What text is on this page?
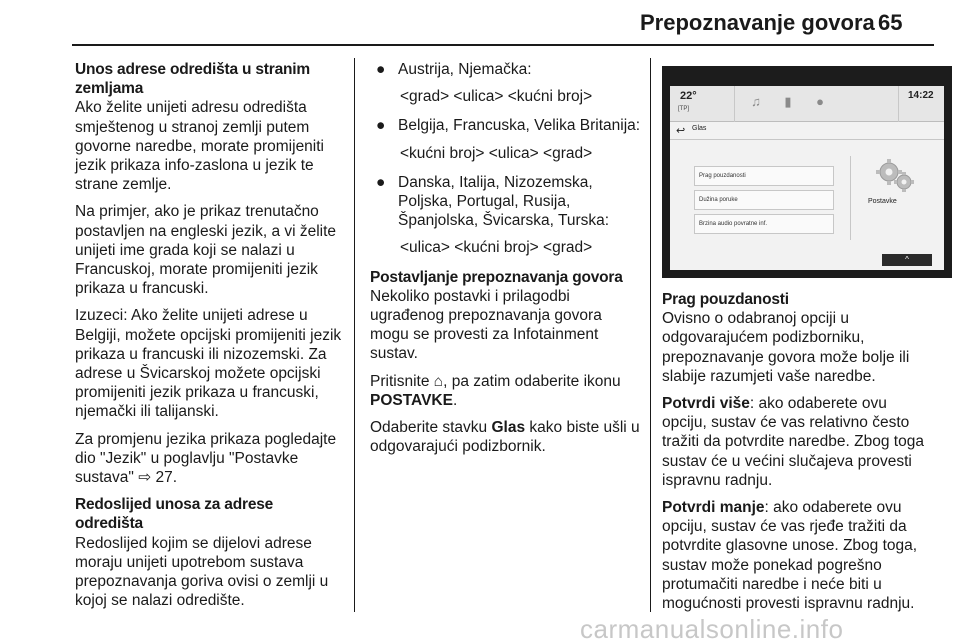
Prepoznavanje govora 65

Unos adrese odredišta u stranim zemljama
Ako želite unijeti adresu odredišta smještenog u stranoj zemlji putem govorne naredbe, morate promijeniti jezik prikaza info-zaslona u jezik te strane zemlje.

Na primjer, ako je prikaz trenutačno postavljen na engleski jezik, a vi želite unijeti ime grada koji se nalazi u Francuskoj, morate promijeniti jezik prikaza u francuski.

Izuzeci: Ako želite unijeti adrese u Belgiji, možete opcijski promijeniti jezik prikaza u francuski ili nizozemski. Za adrese u Švicarskoj možete opcijski promijeniti jezik prikaza u francuski, njemački ili talijanski.

Za promjenu jezika prikaza pogledajte dio "Jezik" u poglavlju "Postavke sustava" ⇨ 27.

Redoslijed unosa za adrese odredišta
Redoslijed kojim se dijelovi adrese moraju unijeti upotrebom sustava prepoznavanja goriva ovisi o zemlji u kojoj se nalazi odredište.

● Austrija, Njemačka:
<grad> <ulica> <kućni broj>
● Belgija, Francuska, Velika Britanija:
<kućni broj> <ulica> <grad>
● Danska, Italija, Nizozemska, Poljska, Portugal, Rusija, Španjolska, Švicarska, Turska:
<ulica> <kućni broj> <grad>

Postavljanje prepoznavanja govora
Nekoliko postavki i prilagodbi ugrađenog prepoznavanja govora mogu se provesti za Infotainment sustav.

Pritisnite ⌂, pa zatim odaberite ikonu POSTAVKE.

Odaberite stavku Glas kako biste ušli u odgovarajući podizbornik.

22°
[TP]	♫ ▮ ●	14:22
↩ Glas
Prag pouzdanosti
Dužina poruke
Brzina audio povratne inf.
Postavke
^

Prag pouzdanosti
Ovisno o odabranoj opciji u odgovarajućem podizborniku, prepoznavanje govora može bolje ili slabije razumjeti vaše naredbe.

Potvrdi više: ako odaberete ovu opciju, sustav će vas relativno često tražiti da potvrdite naredbe. Zbog toga sustav će u većini slučajeva provesti ispravnu radnju.

Potvrdi manje: ako odaberete ovu opciju, sustav će vas rjeđe tražiti da potvrdite glasovne unose. Zbog toga, sustav može ponekad pogrešno protumačiti naredbe i neće biti u mogućnosti provesti ispravnu radnju.

carmanualsonline.info
